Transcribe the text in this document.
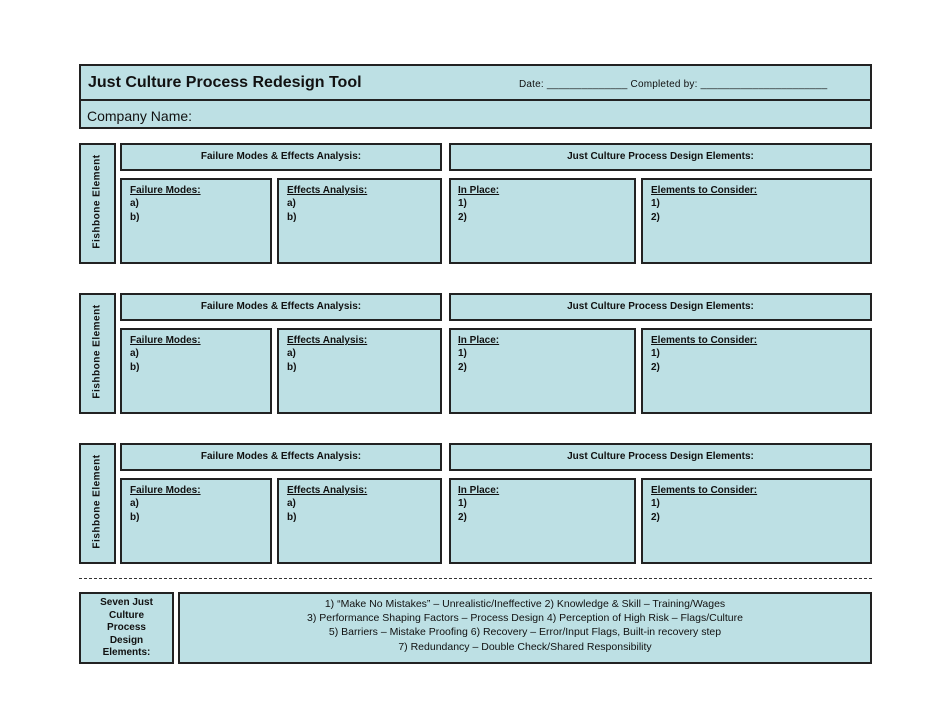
Just Culture Process Redesign Tool	Date: ______________ Completed by: ______________________
Company Name:
Fishbone Element	Failure Modes & Effects Analysis:	Just Culture Process Design Elements:
Failure Modes:
a)
b)
Effects Analysis:
a)
b)
In Place:
1)
2)
Elements to Consider:
1)
2)
Fishbone Element	Failure Modes & Effects Analysis:	Just Culture Process Design Elements:
Failure Modes:
a)
b)
Effects Analysis:
a)
b)
In Place:
1)
2)
Elements to Consider:
1)
2)
Fishbone Element	Failure Modes & Effects Analysis:	Just Culture Process Design Elements:
Failure Modes:
a)
b)
Effects Analysis:
a)
b)
In Place:
1)
2)
Elements to Consider:
1)
2)
Seven Just
Culture
Process
Design
Elements:
1) “Make No Mistakes” – Unrealistic/Ineffective 2) Knowledge & Skill – Training/Wages
3) Performance Shaping Factors – Process Design 4) Perception of High Risk – Flags/Culture
5) Barriers – Mistake Proofing 6) Recovery – Error/Input Flags, Built-in recovery step
7) Redundancy – Double Check/Shared Responsibility
